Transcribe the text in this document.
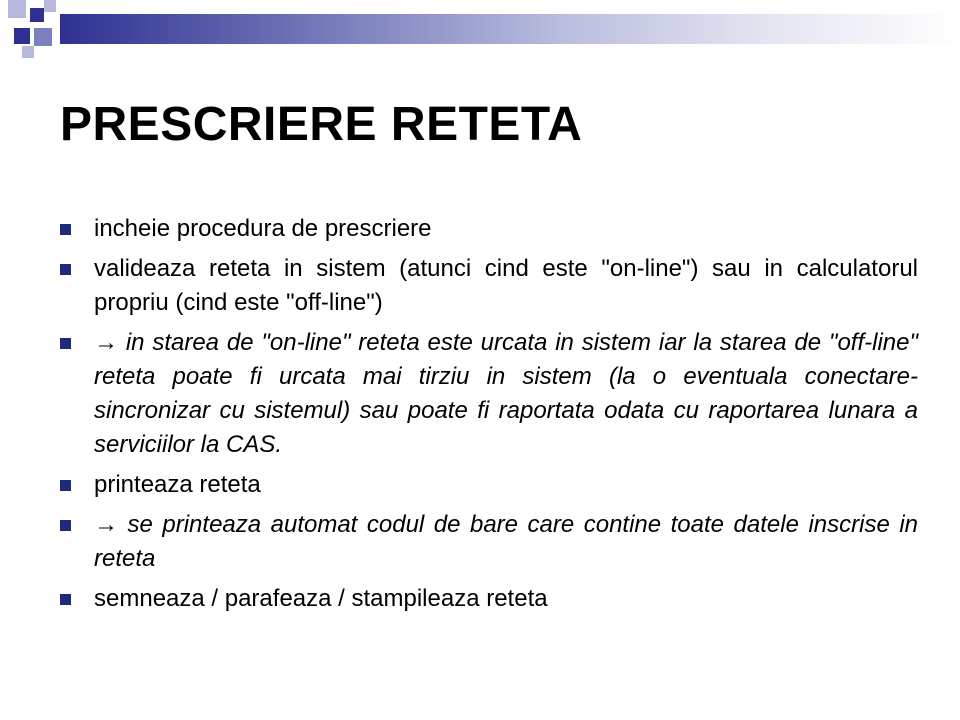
PRESCRIERE RETETA
incheie procedura de prescriere
valideaza reteta in sistem (atunci cind este "on-line") sau in calculatorul propriu (cind este "off-line")
→ in starea de "on-line" reteta este urcata in sistem iar la starea de "off-line" reteta poate fi urcata mai tirziu in sistem (la o eventuala conectare-sincronizar cu sistemul) sau poate fi raportata odata cu raportarea lunara a serviciilor la CAS.
printeaza reteta
→ se printeaza automat codul de bare care contine toate datele inscrise in reteta
semneaza / parafeaza / stampileaza reteta
